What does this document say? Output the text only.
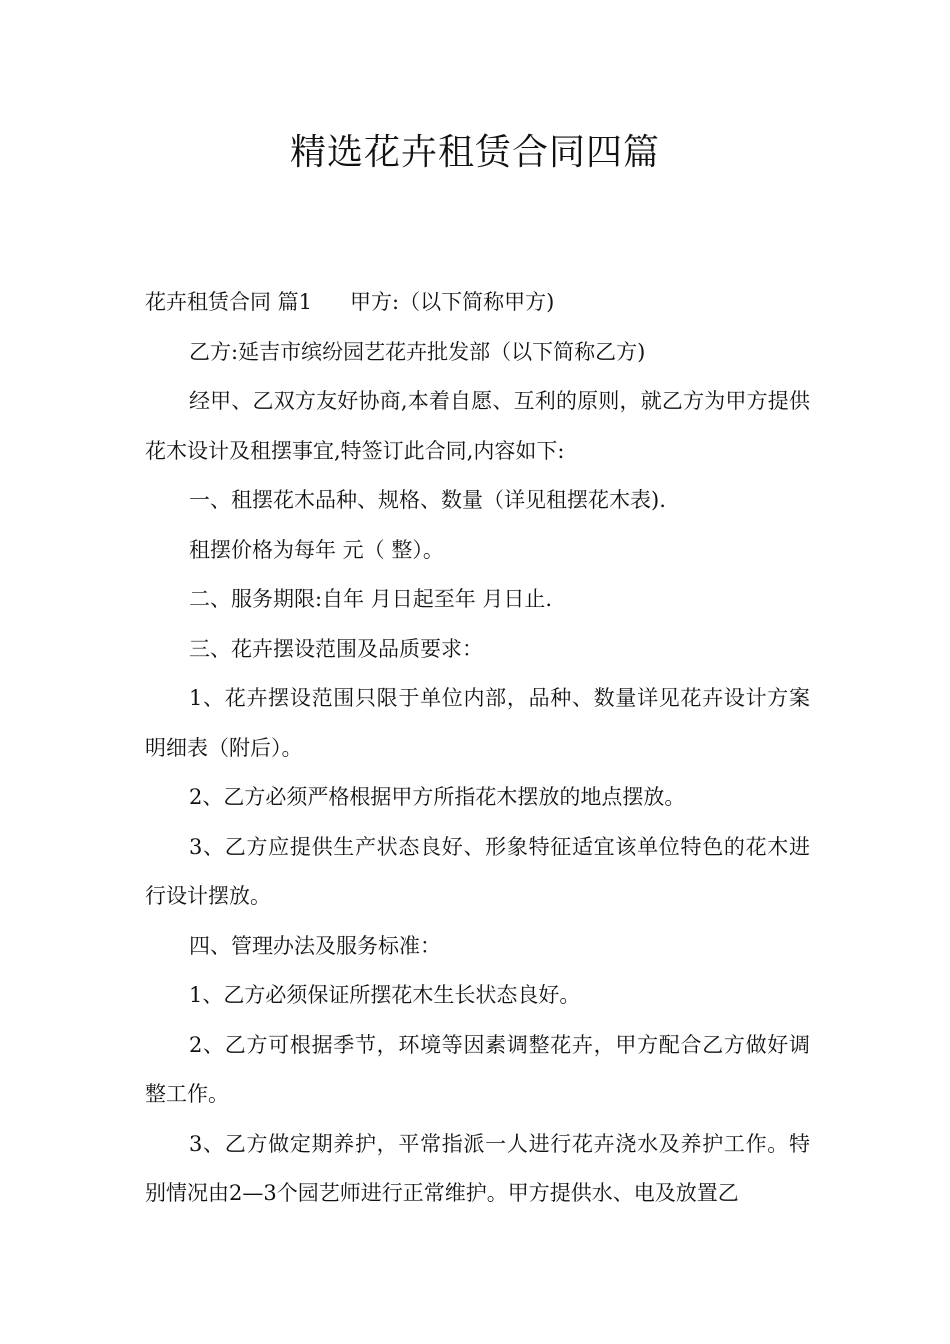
精选花卉租赁合同四篇

花卉租赁合同 篇1 甲方:（以下简称甲方)

乙方:延吉市缤纷园艺花卉批发部（以下简称乙方)

经甲、乙双方友好协商,本着自愿、互利的原则，就乙方为甲方提供花木设计及租摆事宜,特签订此合同,内容如下:

一、租摆花木品种、规格、数量（详见租摆花木表).

租摆价格为每年 元（ 整）。

二、服务期限:自年 月日起至年 月日止.

三、花卉摆设范围及品质要求：

1、花卉摆设范围只限于单位内部，品种、数量详见花卉设计方案明细表（附后）。

2、乙方必须严格根据甲方所指花木摆放的地点摆放。

3、乙方应提供生产状态良好、形象特征适宜该单位特色的花木进行设计摆放。

四、管理办法及服务标准：

1、乙方必须保证所摆花木生长状态良好。

2、乙方可根据季节，环境等因素调整花卉，甲方配合乙方做好调整工作。

3、乙方做定期养护，平常指派一人进行花卉浇水及养护工作。特别情况由2—3个园艺师进行正常维护。甲方提供水、电及放置乙
